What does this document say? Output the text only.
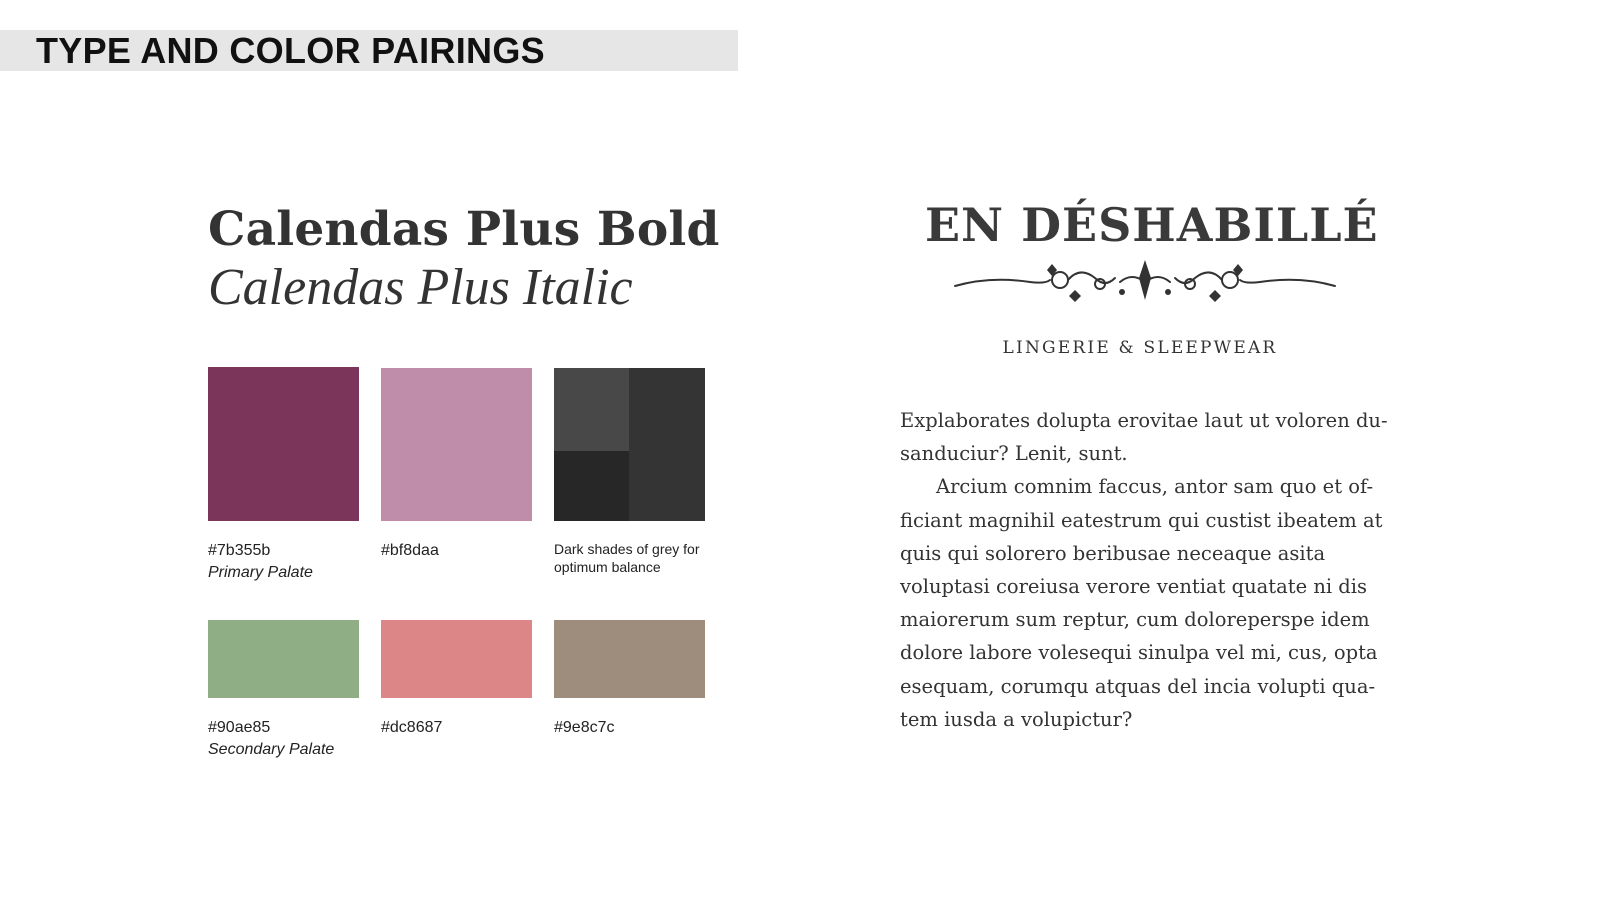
TYPE AND COLOR PAIRINGS
Calendas Plus Bold
Calendas Plus Italic
#7b355b
Primary Palate
#bf8daa	Dark shades of grey for optimum balance
#90ae85
Secondary Palate
#dc8687	#9e8c7c
EN DÉSHABILLÉ
LINGERIE & SLEEPWEAR

Explaborates dolupta erovitae laut ut voloren du-sanduciur? Lenit, sunt.

Arcium comnim faccus, antor sam quo et of-ficiant magnihil eatestrum qui custist ibeatem at quis qui solorero beribusae neceaque asita voluptasi coreiusa verore ventiat quatate ni dis maiorerum sum reptur, cum doloreperspe idem dolore labore volesequi sinulpa vel mi, cus, opta esequam, corumqu atquas del incia volupti qua-tem iusda a volupictur?
